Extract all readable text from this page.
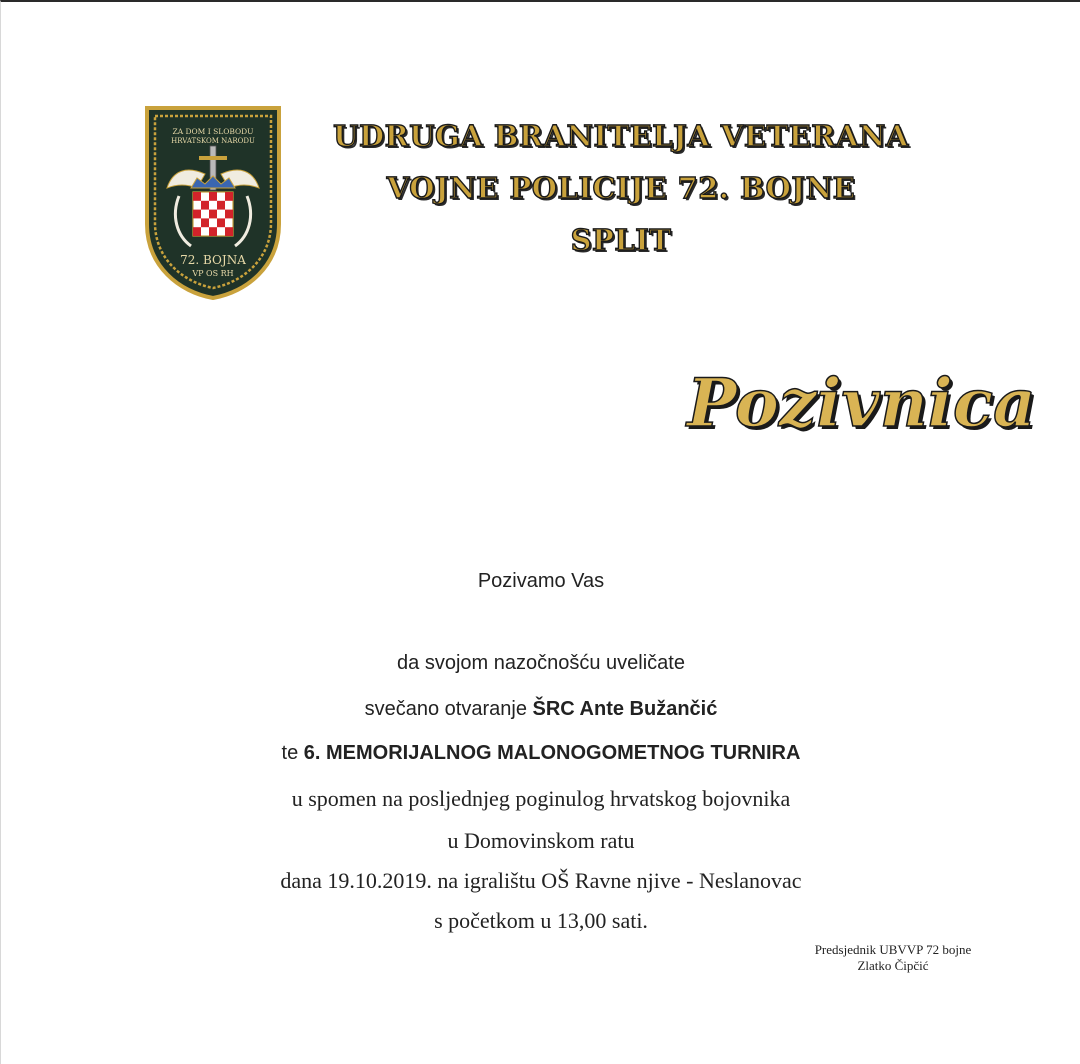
ZA DOM I SLOBODU
HRVATSKOM NARODU
72. BOJNA
VP OS RH
UDRUGA BRANITELJA VETERANA
VOJNE POLICIJE 72. BOJNE
SPLIT
Pozivnica
Pozivamo Vas
da svojom nazočnošću uveličate
svečano otvaranje ŠRC Ante Bužančić
te 6. MEMORIJALNOG MALONOGOMETNOG TURNIRA
u spomen na posljednjeg poginulog hrvatskog bojovnika
u Domovinskom ratu
dana 19.10.2019. na igralištu OŠ Ravne njive - Neslanovac
s početkom u 13,00 sati.
Predsjednik UBVVP 72 bojne
Zlatko Čipčić
